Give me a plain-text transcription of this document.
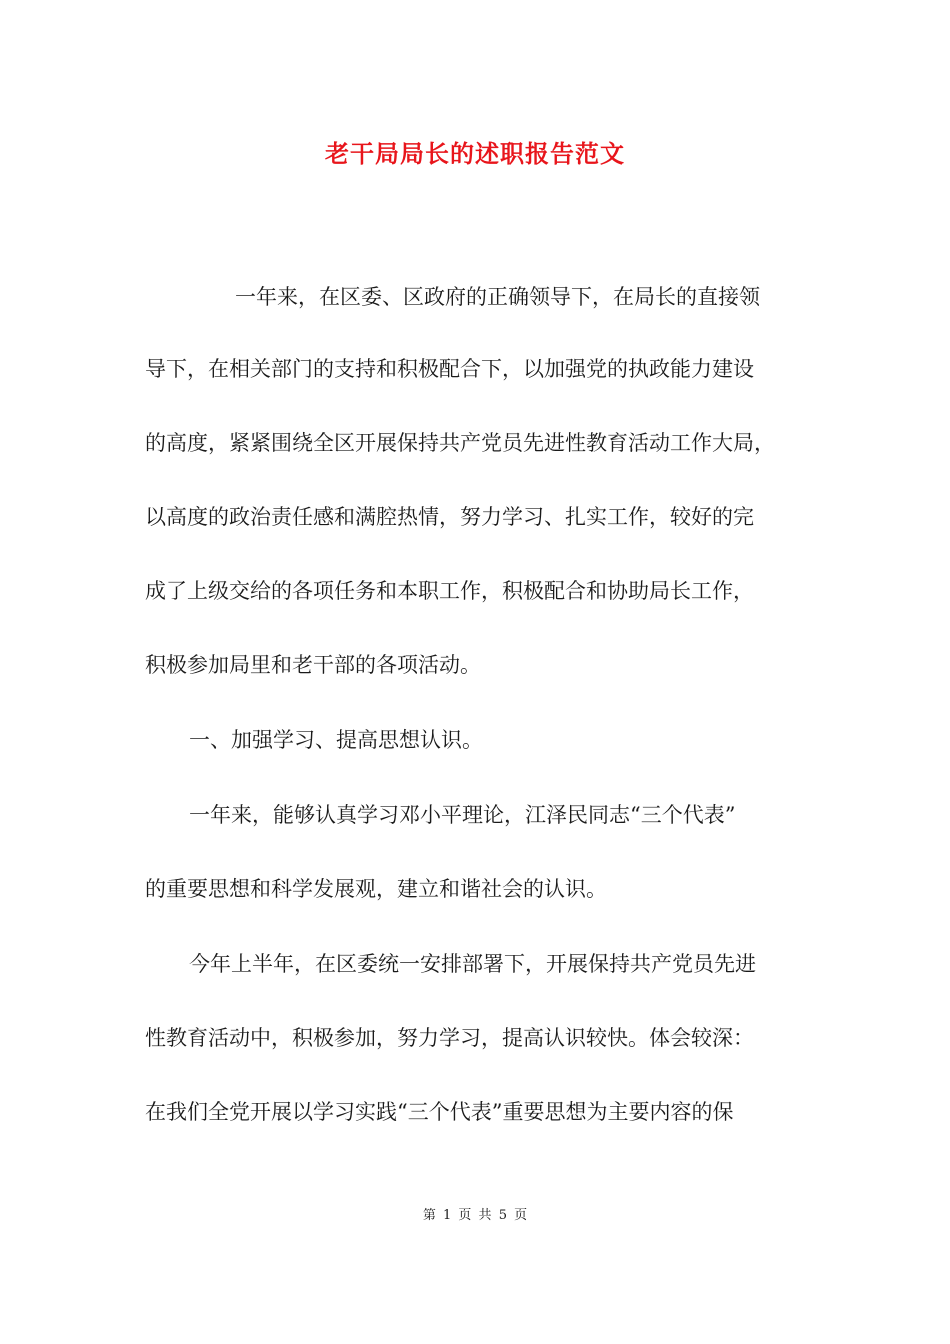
老干局局长的述职报告范文
一年来，在区委、区政府的正确领导下，在局长的直接领
导下，在相关部门的支持和积极配合下，以加强党的执政能力建设
的高度，紧紧围绕全区开展保持共产党员先进性教育活动工作大局，
以高度的政治责任感和满腔热情，努力学习、扎实工作，较好的完
成了上级交给的各项任务和本职工作，积极配合和协助局长工作，
积极参加局里和老干部的各项活动。
一、加强学习、提高思想认识。
一年来，能够认真学习邓小平理论，江泽民同志“三个代表”
的重要思想和科学发展观，建立和谐社会的认识。
今年上半年，在区委统一安排部署下，开展保持共产党员先进
性教育活动中，积极参加，努力学习，提高认识较快。体会较深：
在我们全党开展以学习实践“三个代表”重要思想为主要内容的保
第 1 页 共 5 页
